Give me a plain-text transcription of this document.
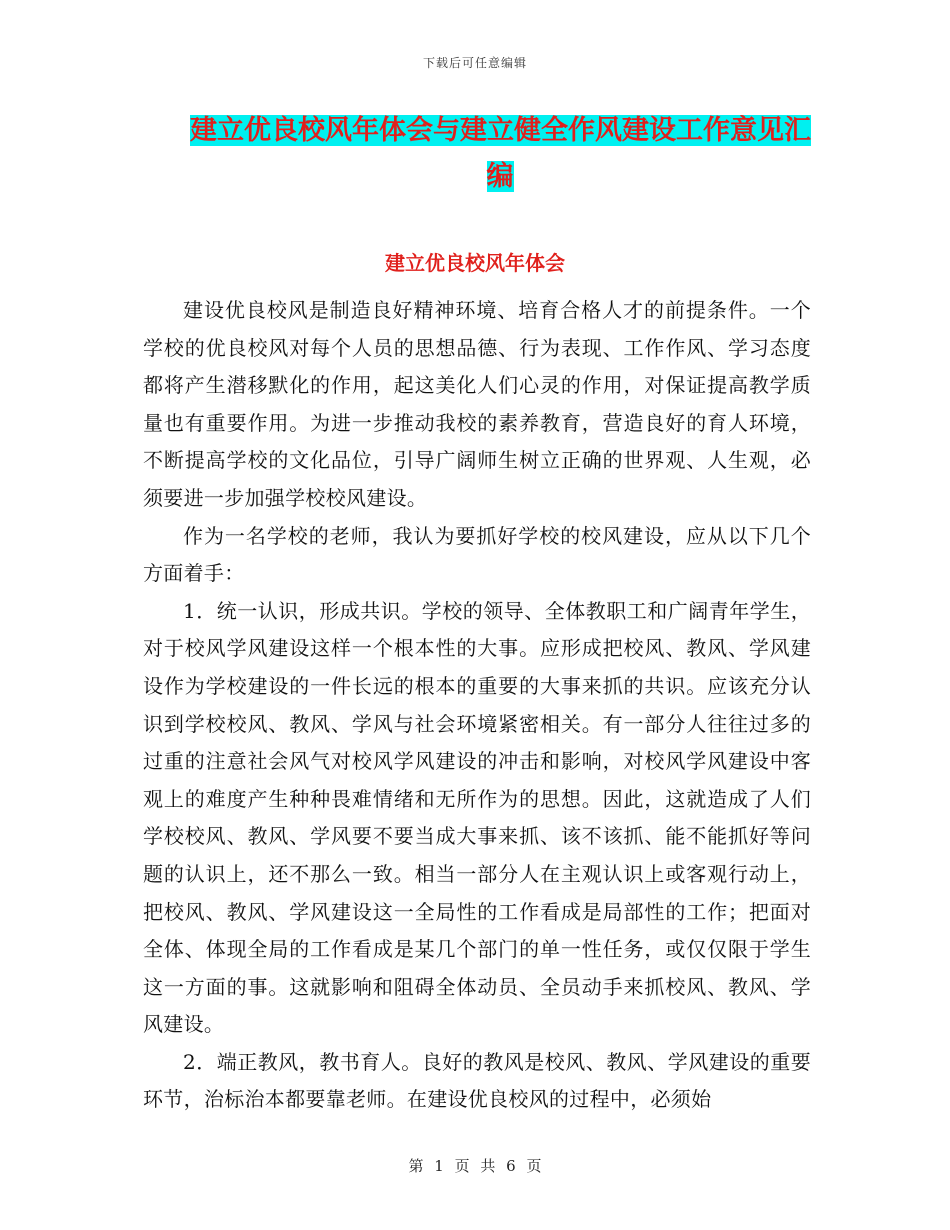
下载后可任意编辑
建立优良校风年体会与建立健全作风建设工作意见汇
编
建立优良校风年体会

建设优良校风是制造良好精神环境、培育合格人才的前提条件。一个学校的优良校风对每个人员的思想品德、行为表现、工作作风、学习态度都将产生潜移默化的作用，起这美化人们心灵的作用，对保证提高教学质量也有重要作用。为进一步推动我校的素养教育，营造良好的育人环境，不断提高学校的文化品位，引导广阔师生树立正确的世界观、人生观，必须要进一步加强学校校风建设。

作为一名学校的老师，我认为要抓好学校的校风建设，应从以下几个方面着手：

1．统一认识，形成共识。学校的领导、全体教职工和广阔青年学生，对于校风学风建设这样一个根本性的大事。应形成把校风、教风、学风建设作为学校建设的一件长远的根本的重要的大事来抓的共识。应该充分认识到学校校风、教风、学风与社会环境紧密相关。有一部分人往往过多的过重的注意社会风气对校风学风建设的冲击和影响，对校风学风建设中客观上的难度产生种种畏难情绪和无所作为的思想。因此，这就造成了人们学校校风、教风、学风要不要当成大事来抓、该不该抓、能不能抓好等问题的认识上，还不那么一致。相当一部分人在主观认识上或客观行动上，把校风、教风、学风建设这一全局性的工作看成是局部性的工作；把面对全体、体现全局的工作看成是某几个部门的单一性任务，或仅仅限于学生这一方面的事。这就影响和阻碍全体动员、全员动手来抓校风、教风、学风建设。

2．端正教风，教书育人。良好的教风是校风、教风、学风建设的重要环节，治标治本都要靠老师。在建设优良校风的过程中，必须始

第 1 页 共 6 页
